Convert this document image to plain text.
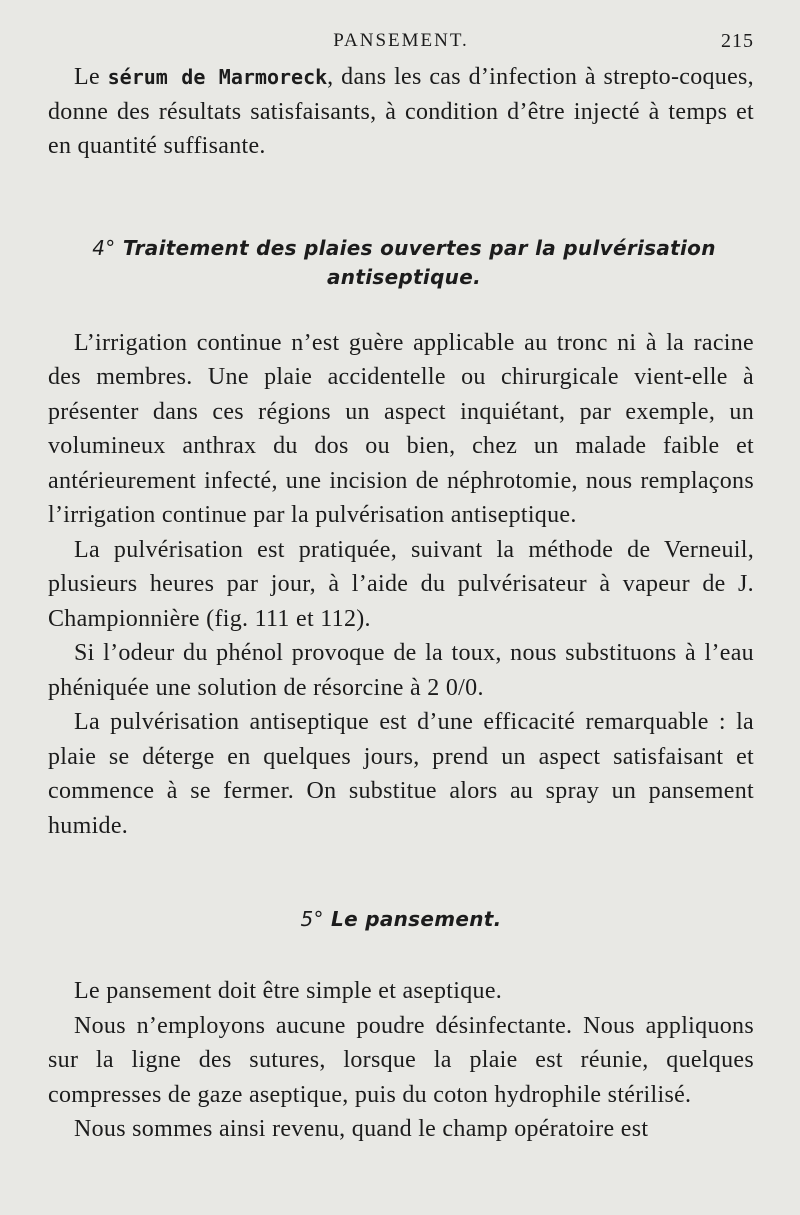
PANSEMENT.	215

Le sérum de Marmoreck, dans les cas d’infection à strepto-coques, donne des résultats satisfaisants, à condition d’être injecté à temps et en quantité suffisante.

4° Traitement des plaies ouvertes par la pulvérisation antiseptique.

L’irrigation continue n’est guère applicable au tronc ni à la racine des membres. Une plaie accidentelle ou chirurgicale vient-elle à présenter dans ces régions un aspect inquiétant, par exemple, un volumineux anthrax du dos ou bien, chez un malade faible et antérieurement infecté, une incision de néphrotomie, nous remplaçons l’irrigation continue par la pulvérisation antiseptique.

La pulvérisation est pratiquée, suivant la méthode de Verneuil, plusieurs heures par jour, à l’aide du pulvérisateur à vapeur de J. Championnière (fig. 111 et 112).

Si l’odeur du phénol provoque de la toux, nous substituons à l’eau phéniquée une solution de résorcine à 2 0/0.

La pulvérisation antiseptique est d’une efficacité remarquable : la plaie se déterge en quelques jours, prend un aspect satisfaisant et commence à se fermer. On substitue alors au spray un pansement humide.

5° Le pansement.

Le pansement doit être simple et aseptique.

Nous n’employons aucune poudre désinfectante. Nous appliquons sur la ligne des sutures, lorsque la plaie est réunie, quelques compresses de gaze aseptique, puis du coton hydrophile stérilisé.

Nous sommes ainsi revenu, quand le champ opératoire est
